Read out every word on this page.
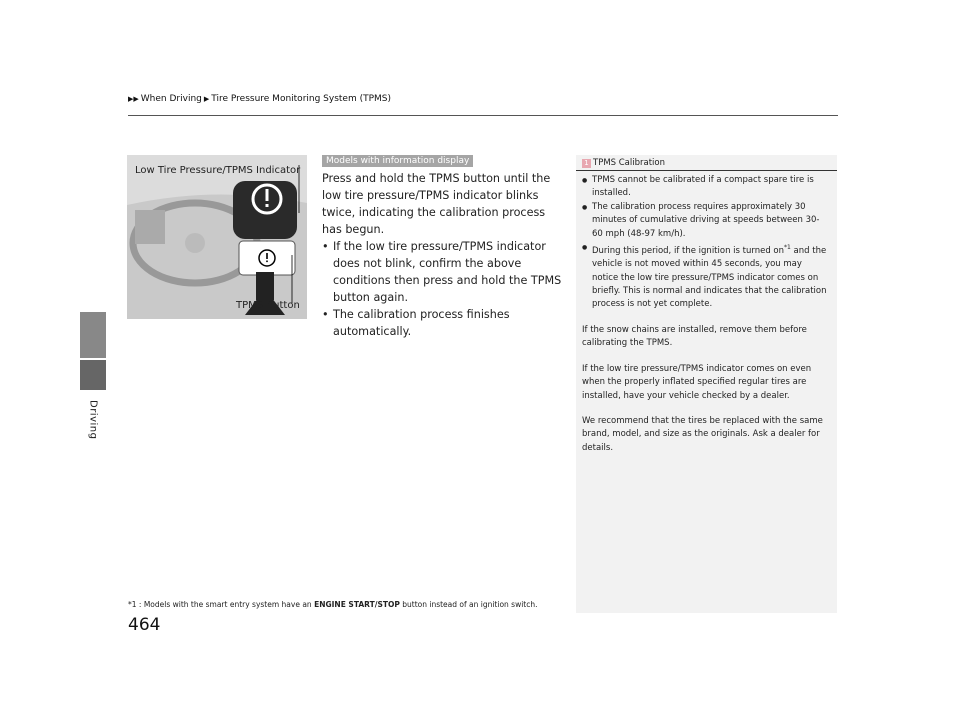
▶▶ When Driving ▶ Tire Pressure Monitoring System (TPMS)
Driving
Low Tire Pressure/TPMS Indicator
TPMS Button
Models with information display

Press and hold the TPMS button until the low tire pressure/TPMS indicator blinks twice, indicating the calibration process has begun.

• If the low tire pressure/TPMS indicator does not blink, confirm the above conditions then press and hold the TPMS button again.
• The calibration process finishes automatically.
1 TPMS Calibration
● TPMS cannot be calibrated if a compact spare tire is installed.
● The calibration process requires approximately 30 minutes of cumulative driving at speeds between 30-60 mph (48-97 km/h).
● During this period, if the ignition is turned $on^{*1}$ and the vehicle is not moved within 45 seconds, you may notice the low tire pressure/TPMS indicator comes on briefly. This is normal and indicates that the calibration process is not yet complete.

If the snow chains are installed, remove them before calibrating the TPMS.

If the low tire pressure/TPMS indicator comes on even when the properly inflated specified regular tires are installed, have your vehicle checked by a dealer.

We recommend that the tires be replaced with the same brand, model, and size as the originals. Ask a dealer for details.

*1 : Models with the smart entry system have an ENGINE START/STOP button instead of an ignition switch.
464
